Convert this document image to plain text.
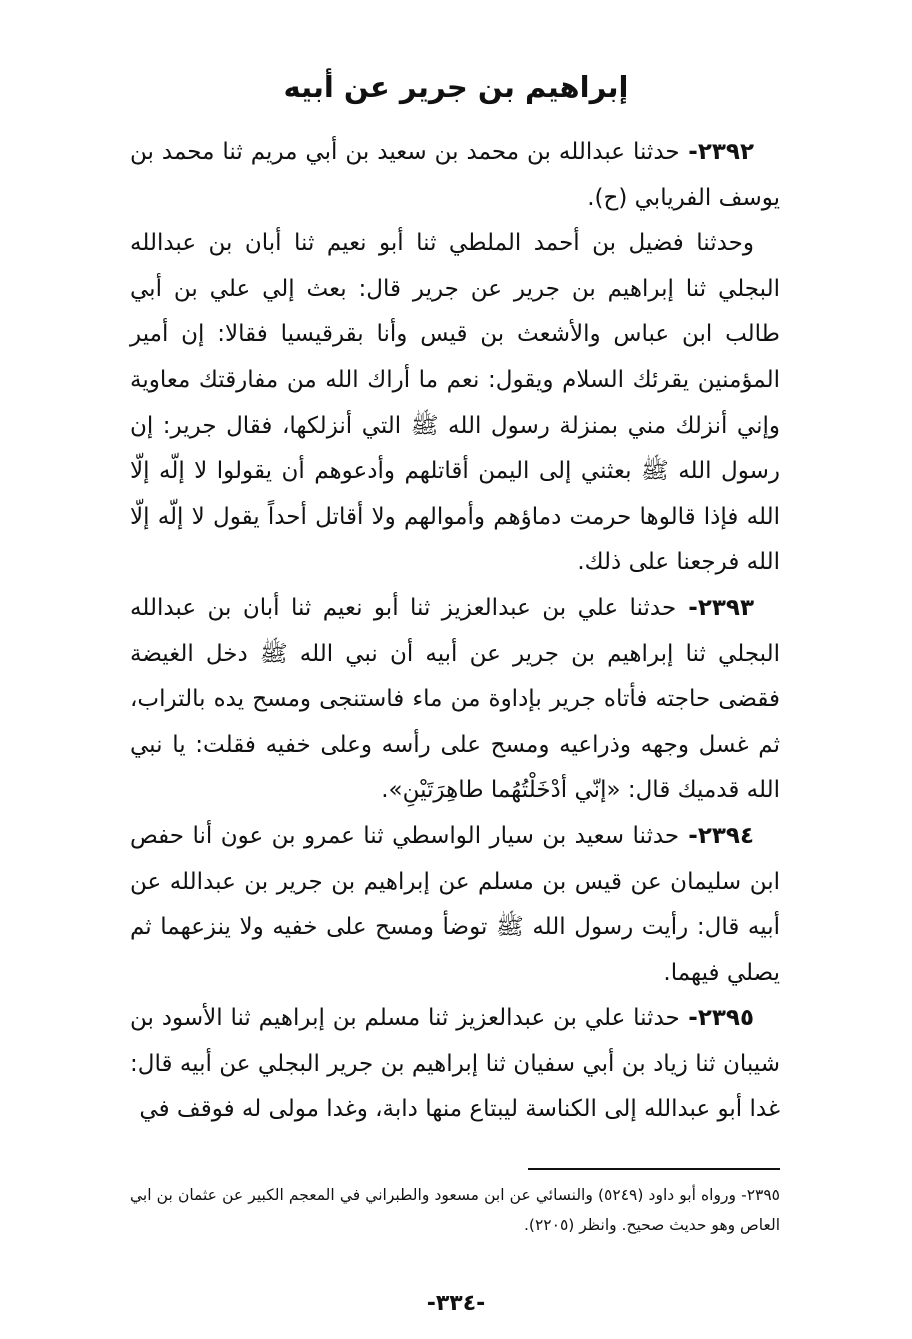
إبراهيم بن جرير عن أبيه

٢٣٩٢- حدثنا عبدالله بن محمد بن سعيد بن أبي مريم ثنا محمد بن يوسف الفريابي (ح).

وحدثنا فضيل بن أحمد الملطي ثنا أبو نعيم ثنا أبان بن عبدالله البجلي ثنا إبراهيم بن جرير عن جرير قال: بعث إلي علي بن أبي طالب ابن عباس والأشعث بن قيس وأنا بقرقيسيا فقالا: إن أمير المؤمنين يقرئك السلام ويقول: نعم ما أراك الله من مفارقتك معاوية وإني أنزلك مني بمنزلة رسول الله ﷺ التي أنزلكها، فقال جرير: إن رسول الله ﷺ بعثني إلى اليمن أقاتلهم وأدعوهم أن يقولوا لا إلّه إلّا الله فإذا قالوها حرمت دماؤهم وأموالهم ولا أقاتل أحداً يقول لا إلّه إلّا الله فرجعنا على ذلك.

٢٣٩٣- حدثنا علي بن عبدالعزيز ثنا أبو نعيم ثنا أبان بن عبدالله البجلي ثنا إبراهيم بن جرير عن أبيه أن نبي الله ﷺ دخل الغيضة فقضى حاجته فأتاه جرير بإداوة من ماء فاستنجى ومسح يده بالتراب، ثم غسل وجهه وذراعيه ومسح على رأسه وعلى خفيه فقلت: يا نبي الله قدميك قال: «إنّي أدْخَلْتُهُما طاهِرَتَيْنِ».

٢٣٩٤- حدثنا سعيد بن سيار الواسطي ثنا عمرو بن عون أنا حفص ابن سليمان عن قيس بن مسلم عن إبراهيم بن جرير بن عبدالله عن أبيه قال: رأيت رسول الله ﷺ توضأ ومسح على خفيه ولا ينزعهما ثم يصلي فيهما.

٢٣٩٥- حدثنا علي بن عبدالعزيز ثنا مسلم بن إبراهيم ثنا الأسود بن شيبان ثنا زياد بن أبي سفيان ثنا إبراهيم بن جرير البجلي عن أبيه قال: غدا أبو عبدالله إلى الكناسة ليبتاع منها دابة، وغدا مولى له فوقف في

٢٣٩٥- ورواه أبو داود (٥٢٤٩) والنسائي عن ابن مسعود والطبراني في المعجم الكبير عن عثمان بن ابي العاص وهو حديث صحيح. وانظر (٢٢٠٥).

-٣٣٤-
